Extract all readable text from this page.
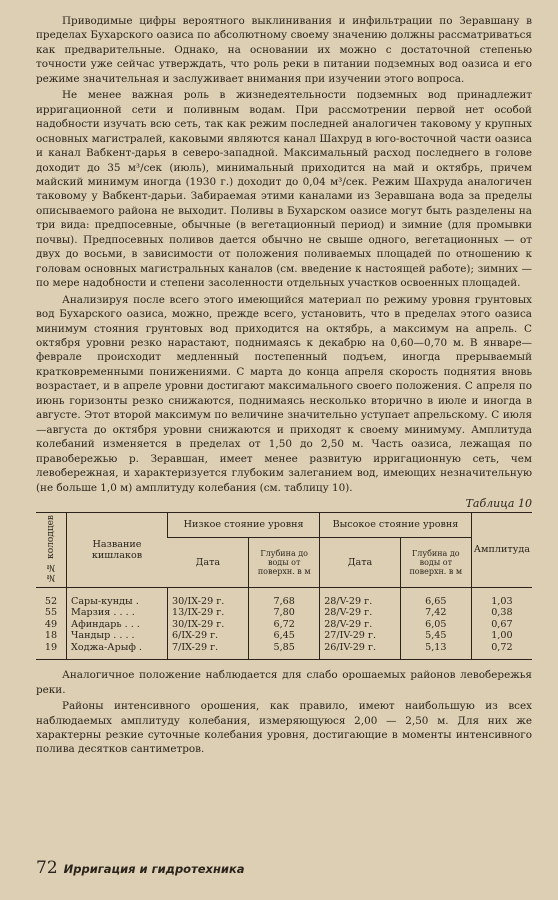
Приводимые цифры вероятного выклинивания и инфильтрации по Зеравшану в пределах Бухарского оазиса по абсолютному своему значению должны рассматриваться как предварительные. Однако, на основании их можно с достаточной степенью точности уже сейчас утверждать, что роль реки в питании подземных вод оазиса и его режиме значительная и заслуживает внимания при изучении этого вопроса.

Не менее важная роль в жизнедеятельности подземных вод принадлежит ирригационной сети и поливным водам. При рассмотрении первой нет особой надобности изучать всю сеть, так как режим последней аналогичен таковому у крупных основных магистралей, каковыми являются канал Шахруд в юго-восточной части оазиса и канал Вабкент-дарья в северо-западной. Максимальный расход последнего в голове доходит до 35 м³/сек (июль), минимальный приходится на май и октябрь, причем майский минимум иногда (1930 г.) доходит до 0,04 м³/сек. Режим Шахруда аналогичен таковому у Вабкент-дарьи. Забираемая этими каналами из Зеравшана вода за пределы описываемого района не выходит. Поливы в Бухарском оазисе могут быть разделены на три вида: предпосевные, обычные (в вегетационный период) и зимние (для промывки почвы). Предпосевных поливов дается обычно не свыше одного, вегетационных — от двух до восьми, в зависимости от положения поливаемых площадей по отношению к головам основных магистральных каналов (см. введение к настоящей работе); зимних — по мере надобности и степени засоленности отдельных участков освоенных площадей.

Анализируя после всего этого имеющийся материал по режиму уровня грунтовых вод Бухарского оазиса, можно, прежде всего, установить, что в пределах этого оазиса минимум стояния грунтовых вод приходится на октябрь, а максимум на апрель. С октября уровни резко нарастают, поднимаясь к декабрю на 0,60—0,70 м. В январе—феврале происходит медленный постепенный подъем, иногда прерываемый кратковременными понижениями. С марта до конца апреля скорость поднятия вновь возрастает, и в апреле уровни достигают максимального своего положения. С апреля по июнь горизонты резко снижаются, поднимаясь несколько вторично в июле и иногда в августе. Этот второй максимум по величине значительно уступает апрельскому. С июля—августа до октября уровни снижаются и приходят к своему минимуму. Амплитуда колебаний изменяется в пределах от 1,50 до 2,50 м. Часть оазиса, лежащая по правобережью р. Зеравшан, имеет менее развитую ирригационную сеть, чем левобережная, и характеризуется глубоким залеганием вод, имеющих незначительную (не больше 1,0 м) амплитуду колебания (см. таблицу 10).

Таблица 10
№№ колодцев	Название кишлаков	Низкое стояние уровня		Высокое стояние уровня		Амплитуда
		Дата	Глубина до воды от поверхн. в м	Дата	Глубина до воды от поверхн. в м	
52	Сары-кунды .	30/IX-29 г.	7,68	28/V-29 г.	6,65	1,03
55	Марзия . . . .	13/IX-29 г.	7,80	28/V-29 г.	7,42	0,38
49	Афиндарь . . .	30/IX-29 г.	6,72	28/V-29 г.	6,05	0,67
18	Чандыр . . . .	6/IX-29 г.	6,45	27/IV-29 г.	5,45	1,00
19	Ходжа-Арыф .	7/IX-29 г.	5,85	26/IV-29 г.	5,13	0,72

Аналогичное положение наблюдается для слабо орошаемых районов левобережья реки.

Районы интенсивного орошения, как правило, имеют наибольшую из всех наблюдаемых амплитуду колебания, измеряющуюся 2,00 — 2,50 м. Для них же характерны резкие суточные колебания уровня, достигающие в моменты интенсивного полива десятков сантиметров.

72 Ирригация и гидротехника
